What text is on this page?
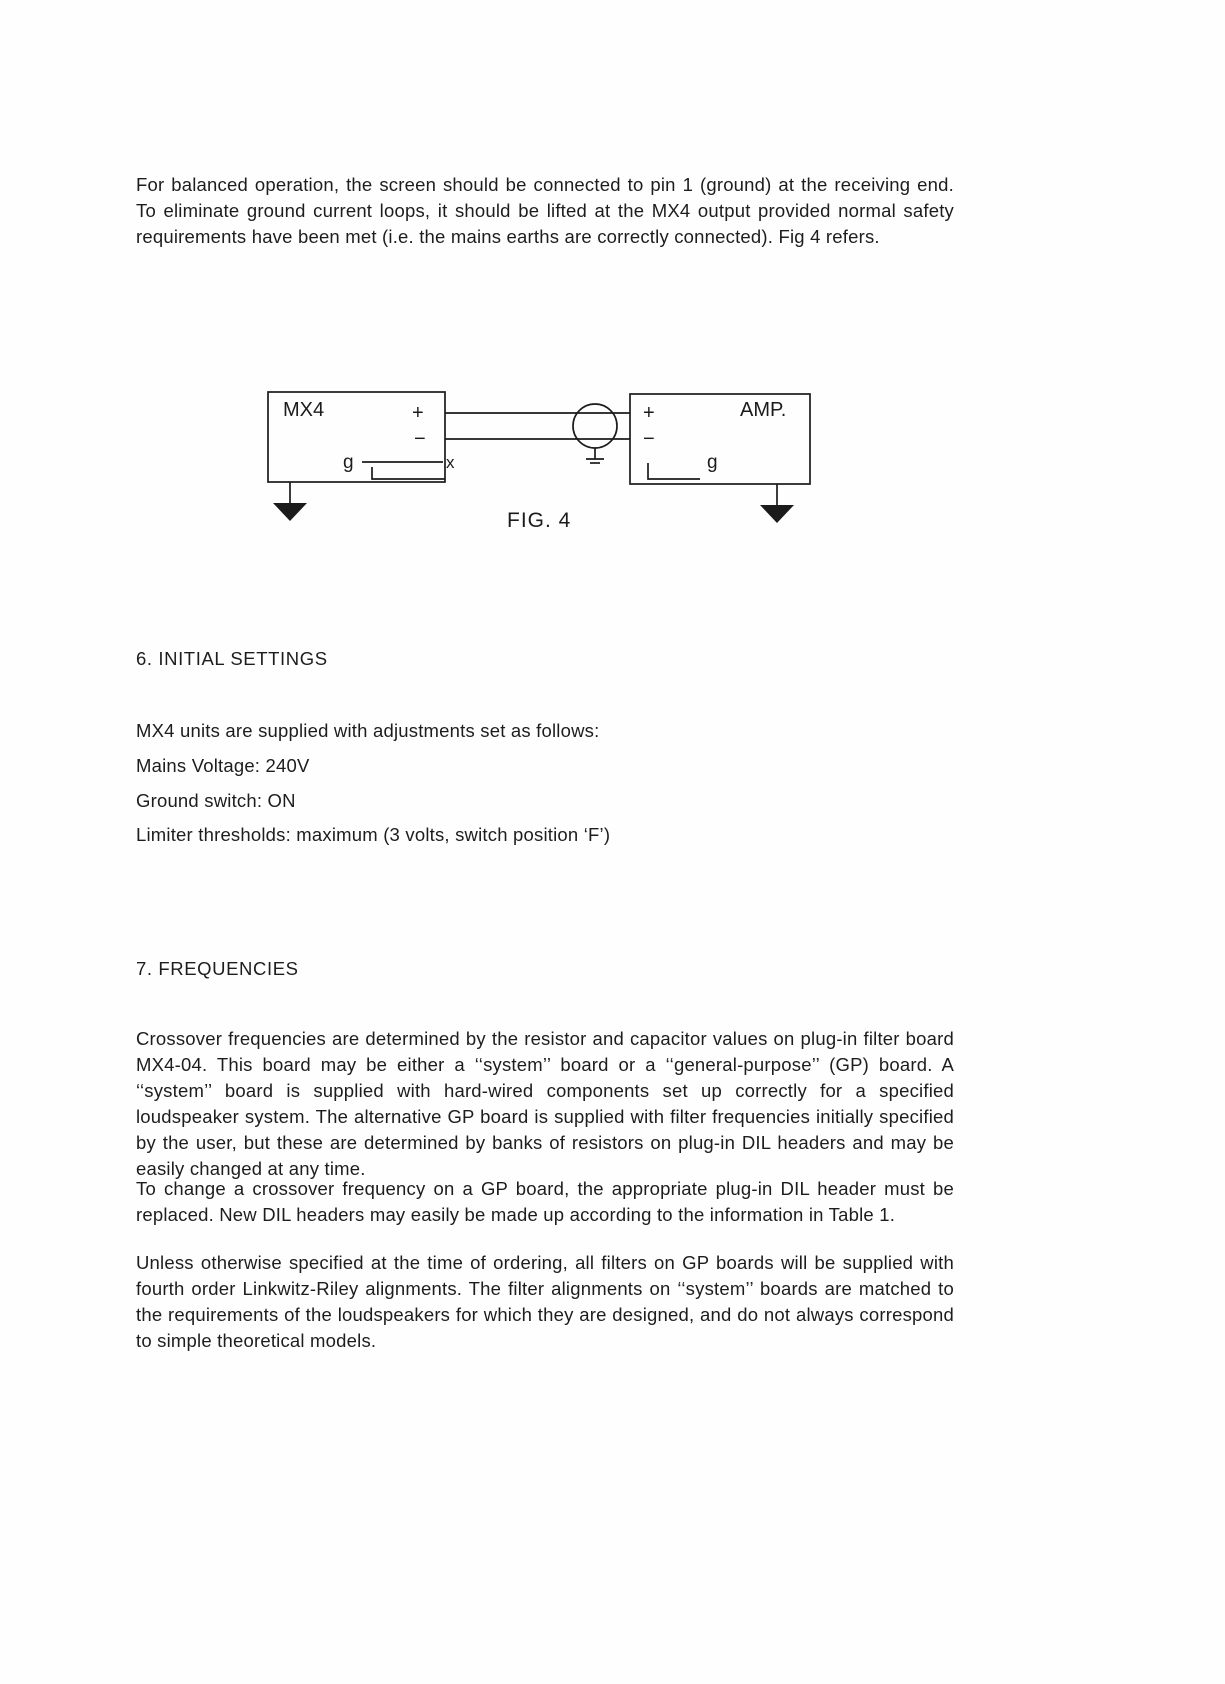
For balanced operation, the screen should be connected to pin 1 (ground) at the receiving end. To eliminate ground current loops, it should be lifted at the MX4 output provided normal safety requirements have been met (i.e. the mains earths are correctly connected). Fig 4 refers.

MX4	AMP.
+
−
+
−
g	x	g
FIG. 4
6. INITIAL SETTINGS

MX4 units are supplied with adjustments set as follows:

Mains Voltage: 240V

Ground switch: ON

Limiter thresholds: maximum (3 volts, switch position ‘F’)

7. FREQUENCIES

Crossover frequencies are determined by the resistor and capacitor values on plug-in filter board MX4-04. This board may be either a ‘‘system’’ board or a ‘‘general-purpose’’ (GP) board. A ‘‘system’’ board is supplied with hard-wired components set up correctly for a specified loudspeaker system. The alternative GP board is supplied with filter frequencies initially specified by the user, but these are determined by banks of resistors on plug-in DIL headers and may be easily changed at any time.

To change a crossover frequency on a GP board, the appropriate plug-in DIL header must be replaced. New DIL headers may easily be made up according to the information in Table 1.

Unless otherwise specified at the time of ordering, all filters on GP boards will be supplied with fourth order Linkwitz-Riley alignments. The filter alignments on ‘‘system’’ boards are matched to the requirements of the loudspeakers for which they are designed, and do not always correspond to simple theoretical models.
